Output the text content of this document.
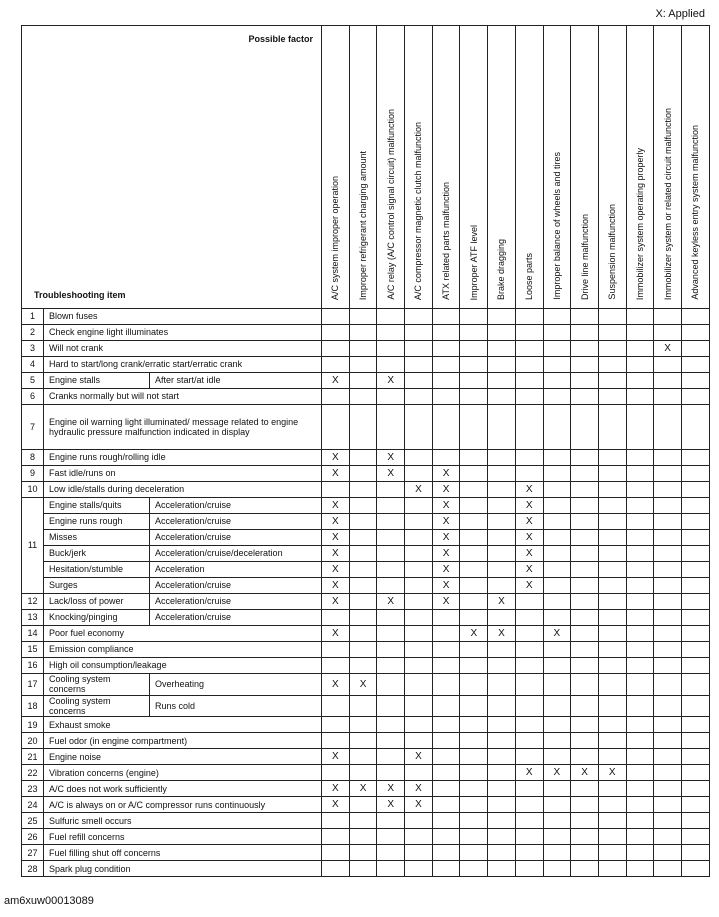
X: Applied
Possible factor
Troubleshooting item			A/C system improper operation	Improper refrigerant charging amount	A/C relay (A/C control signal circuit) malfunction	A/C compressor magnetic clutch malfunction	ATX related parts malfunction	Improper ATF level	Brake dragging	Loose parts	Improper balance of wheels and tires	Drive line malfunction	Suspension malfunction	Immobilizer system operating properly	Immobilizer system or related circuit malfunction	Advanced keyless entry system malfunction
1	Blown fuses															
2	Check engine light illuminates															
3	Will not crank														X	
4	Hard to start/long crank/erratic start/erratic crank															
5	Engine stalls	After start/at idle	X		X											
6	Cranks normally but will not start															
7	Engine oil warning light illuminated/ message related to engine hydraulic pressure malfunction indicated in display															
8	Engine runs rough/rolling idle		X		X											
9	Fast idle/runs on		X		X		X									
10	Low idle/stalls during deceleration					X	X			X						
11	Engine stalls/quits	Acceleration/cruise	X				X			X						
	Engine runs rough	Acceleration/cruise	X				X			X						
	Misses	Acceleration/cruise	X				X			X						
	Buck/jerk	Acceleration/cruise/deceleration	X				X			X						
	Hesitation/stumble	Acceleration	X				X			X						
	Surges	Acceleration/cruise	X				X			X						
12	Lack/loss of power	Acceleration/cruise	X		X		X		X							
13	Knocking/pinging	Acceleration/cruise														
14	Poor fuel economy		X					X	X		X					
15	Emission compliance															
16	High oil consumption/leakage															
17	Cooling system concerns	Overheating	X	X												
18	Cooling system concerns	Runs cold														
19	Exhaust smoke															
20	Fuel odor (in engine compartment)															
21	Engine noise		X			X										
22	Vibration concerns (engine)									X	X	X	X			
23	A/C does not work sufficiently		X	X	X	X										
24	A/C is always on or A/C compressor runs continuously		X		X	X										
25	Sulfuric smell occurs															
26	Fuel refill concerns															
27	Fuel filling shut off concerns															
28	Spark plug condition															
am6xuw00013089
